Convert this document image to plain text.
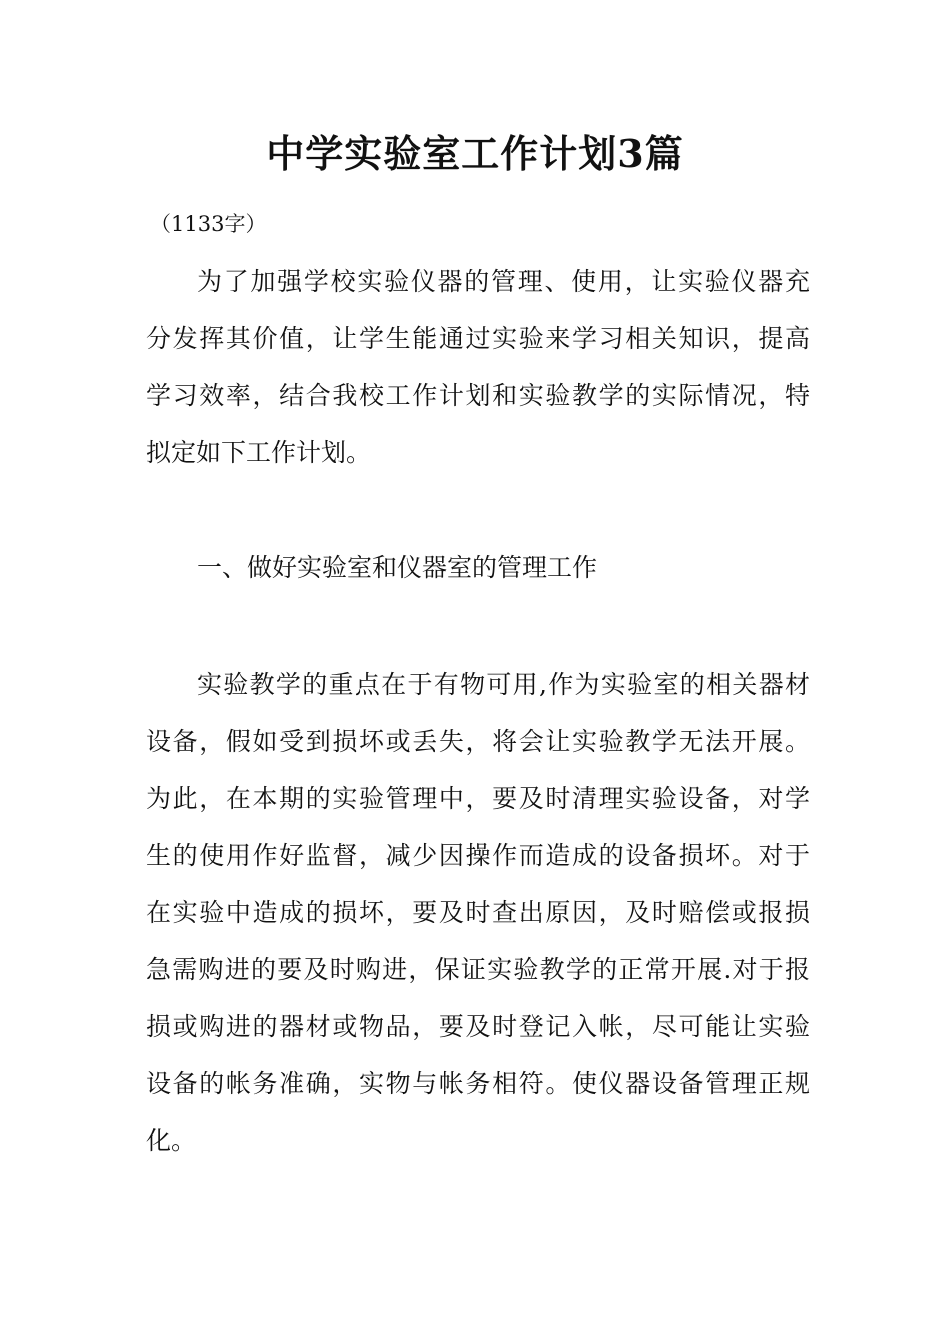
中学实验室工作计划3篇
（1133字）
为了加强学校实验仪器的管理、使用，让实验仪器充
分发挥其价值，让学生能通过实验来学习相关知识，提高
学习效率，结合我校工作计划和实验教学的实际情况，特
拟定如下工作计划。
一、做好实验室和仪器室的管理工作
实验教学的重点在于有物可用,作为实验室的相关器材
设备，假如受到损坏或丢失，将会让实验教学无法开展。
为此，在本期的实验管理中，要及时清理实验设备，对学
生的使用作好监督，减少因操作而造成的设备损坏。对于
在实验中造成的损坏，要及时查出原因，及时赔偿或报损
急需购进的要及时购进，保证实验教学的正常开展.对于报
损或购进的器材或物品，要及时登记入帐，尽可能让实验
设备的帐务准确，实物与帐务相符。使仪器设备管理正规
化。
